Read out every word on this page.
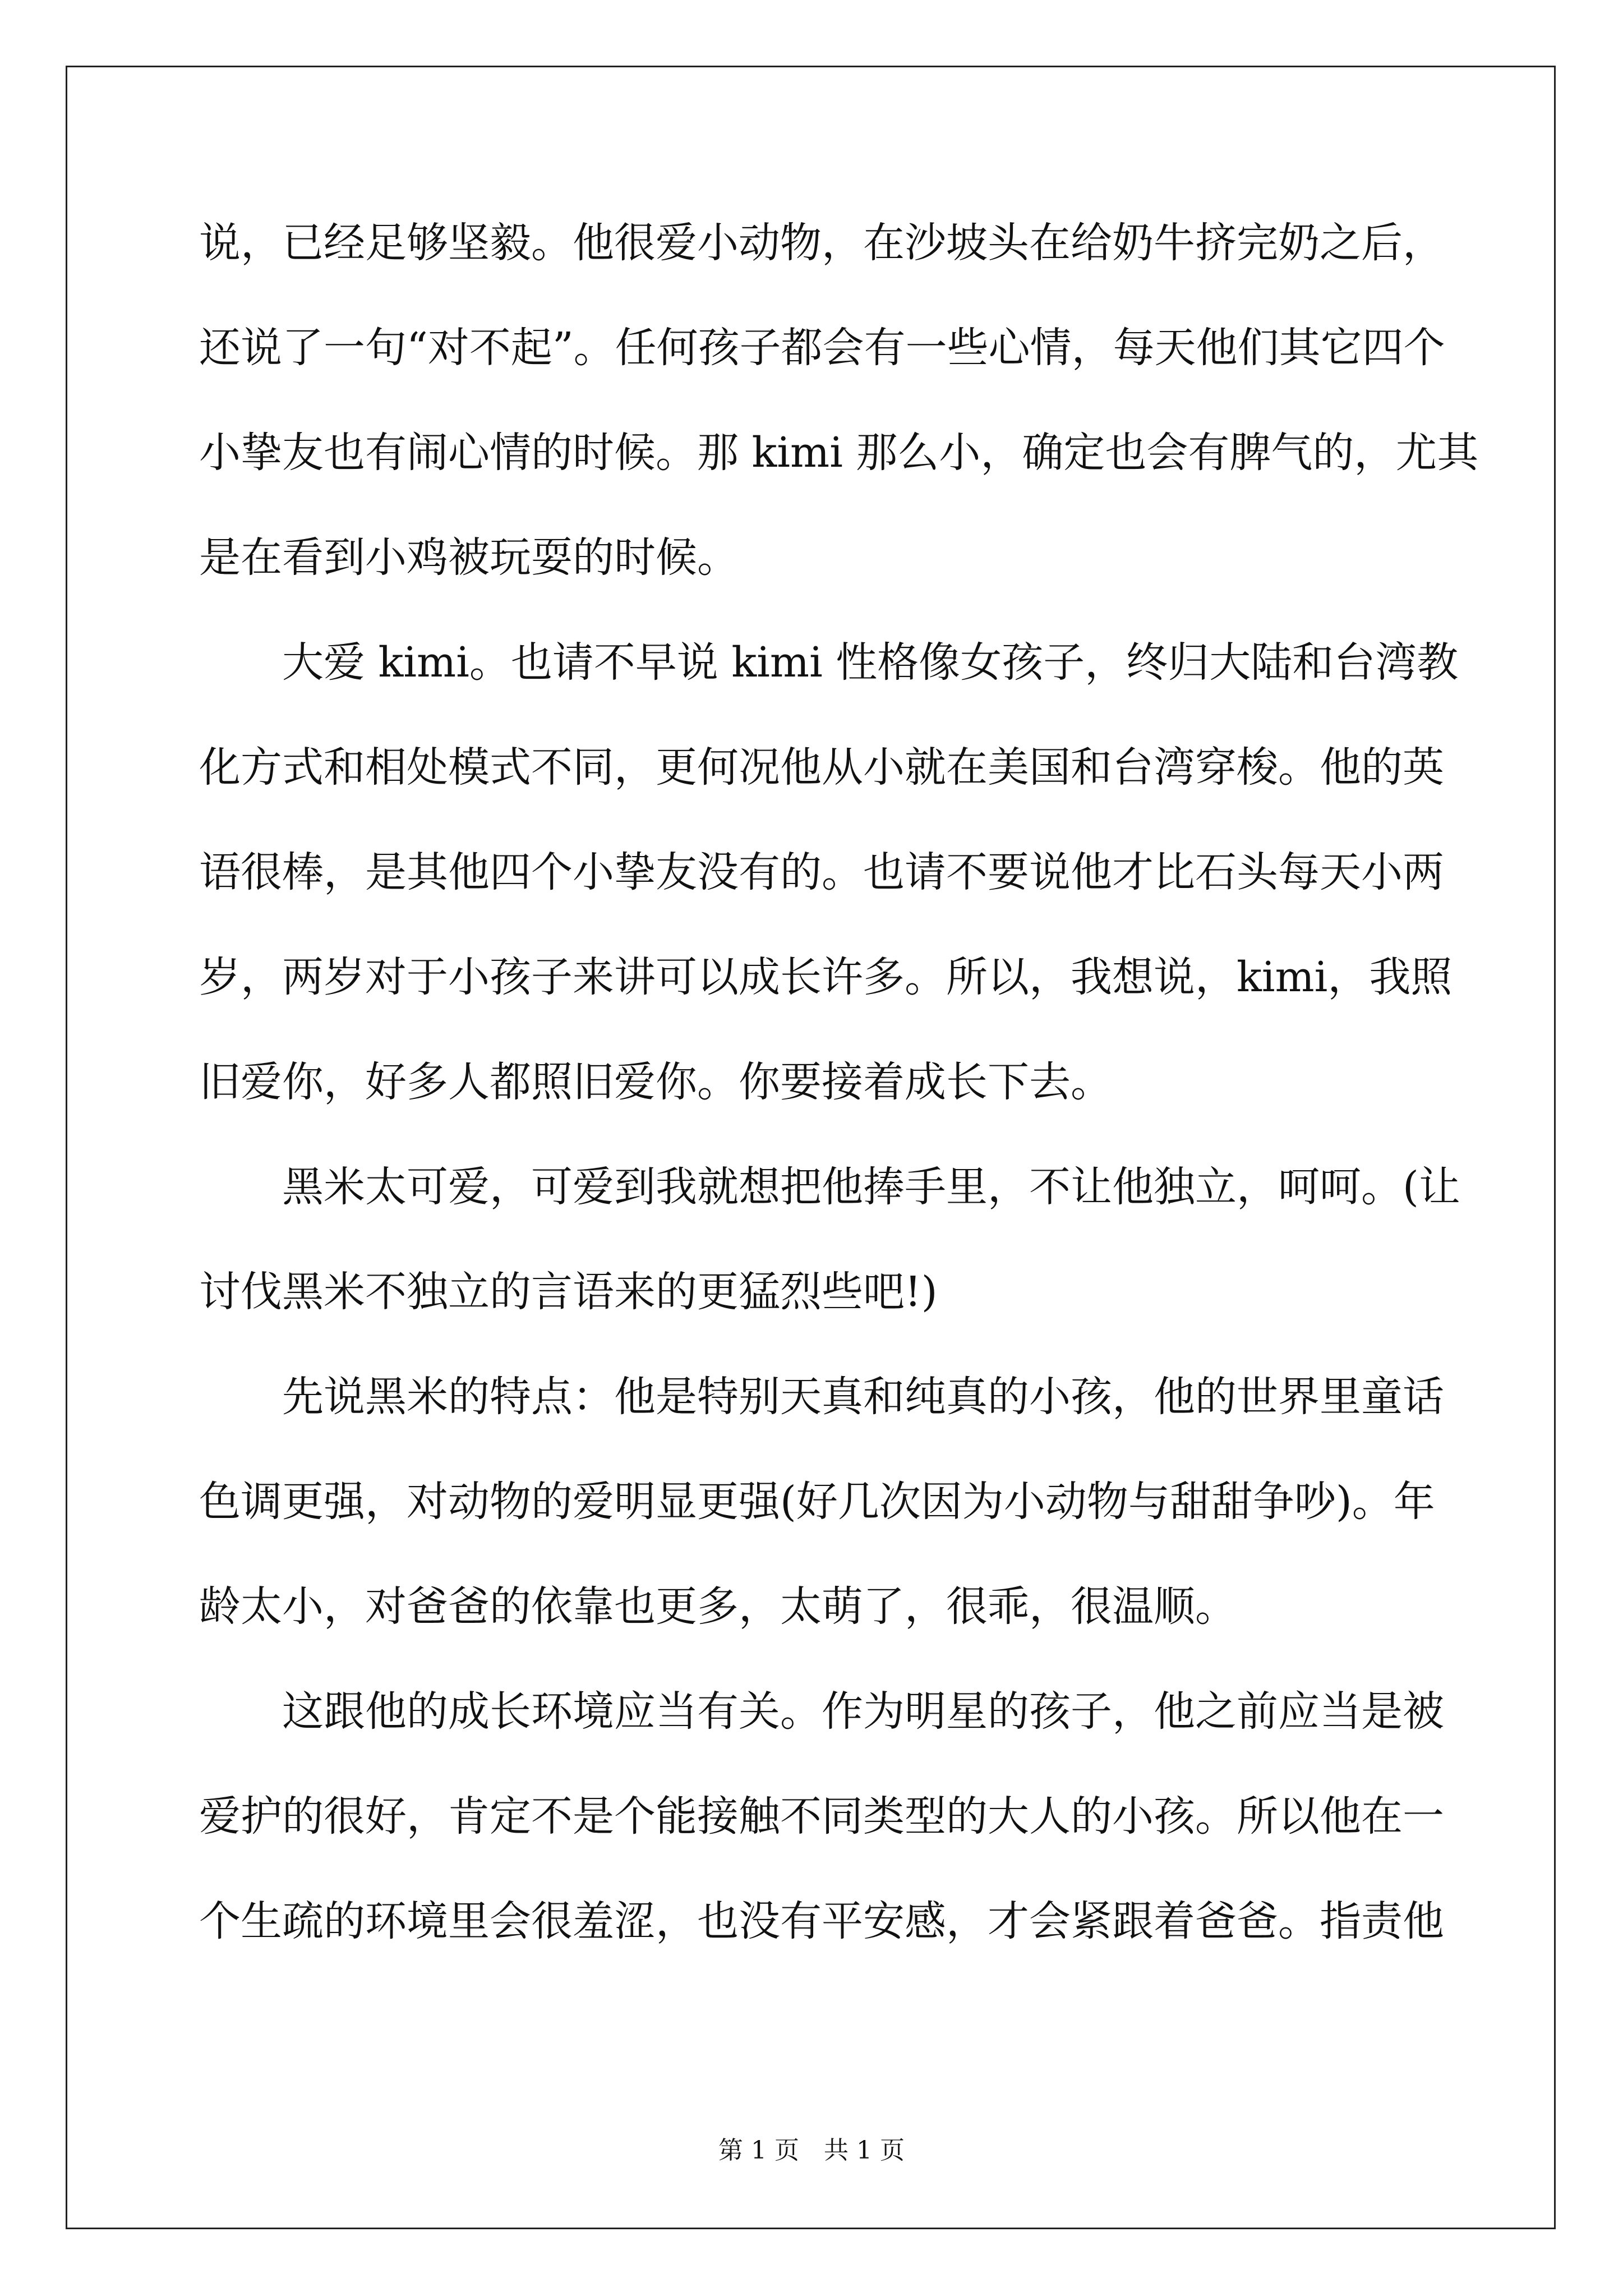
说，已经足够坚毅。他很爱小动物，在沙坡头在给奶牛挤完奶之后，
还说了一句“对不起”。任何孩子都会有一些心情，每天他们其它四个
小挚友也有闹心情的时候。那 kimi 那么小，确定也会有脾气的，尤其
是在看到小鸡被玩耍的时候。
大爱 kimi。也请不早说 kimi 性格像女孩子，终归大陆和台湾教
化方式和相处模式不同，更何况他从小就在美国和台湾穿梭。他的英
语很棒，是其他四个小挚友没有的。也请不要说他才比石头每天小两
岁，两岁对于小孩子来讲可以成长许多。所以，我想说，kimi，我照
旧爱你，好多人都照旧爱你。你要接着成长下去。
黑米太可爱，可爱到我就想把他捧手里，不让他独立，呵呵。(让
讨伐黑米不独立的言语来的更猛烈些吧!)
先说黑米的特点：他是特别天真和纯真的小孩，他的世界里童话
色调更强，对动物的爱明显更强(好几次因为小动物与甜甜争吵)。年
龄太小，对爸爸的依靠也更多，太萌了，很乖，很温顺。
这跟他的成长环境应当有关。作为明星的孩子，他之前应当是被
爱护的很好，肯定不是个能接触不同类型的大人的小孩。所以他在一
个生疏的环境里会很羞涩，也没有平安感，才会紧跟着爸爸。指责他
第 1 页　共 1 页
